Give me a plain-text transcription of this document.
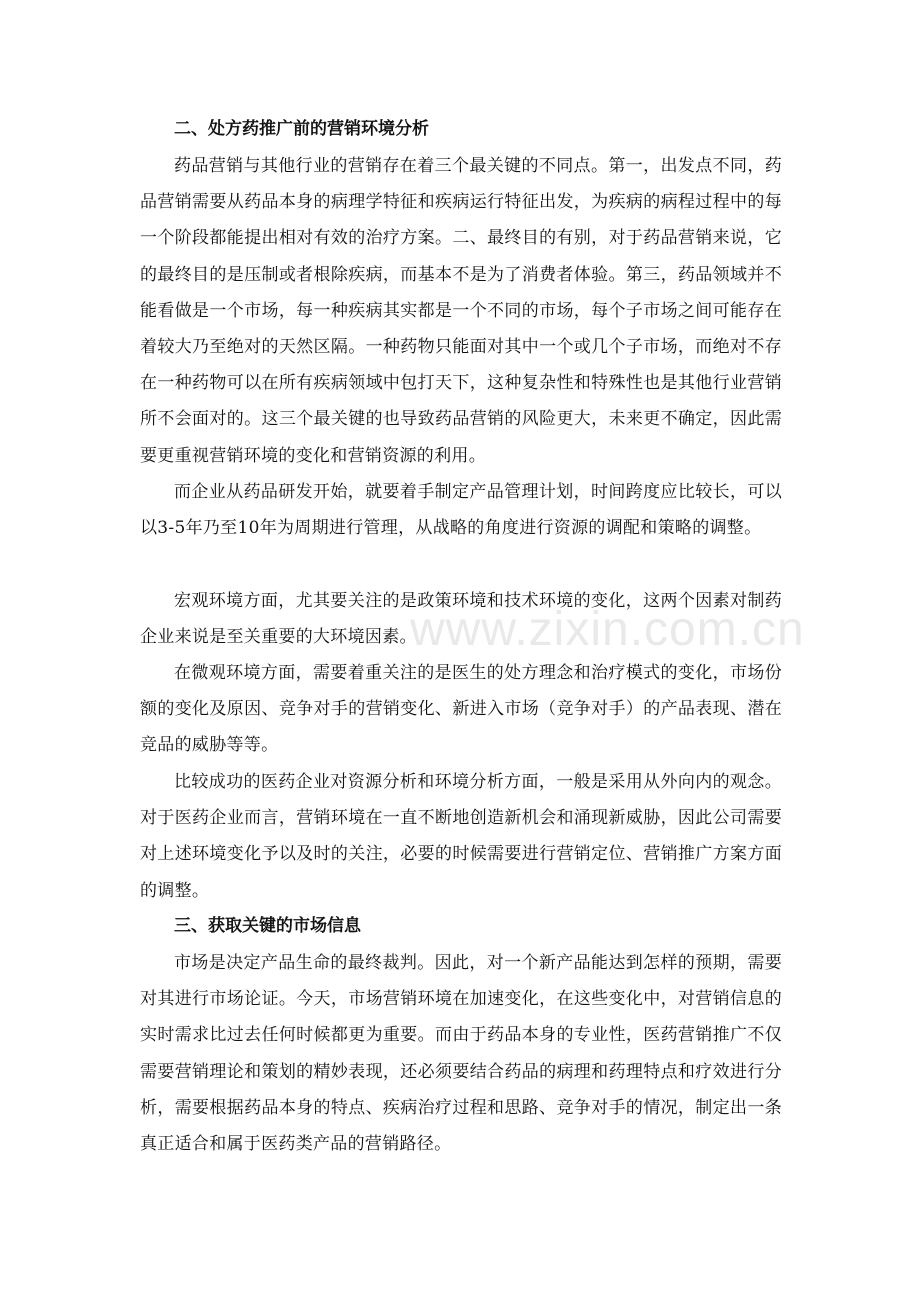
二、处方药推广前的营销环境分析

药品营销与其他行业的营销存在着三个最关键的不同点。第一，出发点不同，药品营销需要从药品本身的病理学特征和疾病运行特征出发，为疾病的病程过程中的每一个阶段都能提出相对有效的治疗方案。二、最终目的有别，对于药品营销来说，它的最终目的是压制或者根除疾病，而基本不是为了消费者体验。第三，药品领域并不能看做是一个市场，每一种疾病其实都是一个不同的市场，每个子市场之间可能存在着较大乃至绝对的天然区隔。一种药物只能面对其中一个或几个子市场，而绝对不存在一种药物可以在所有疾病领域中包打天下，这种复杂性和特殊性也是其他行业营销所不会面对的。这三个最关键的也导致药品营销的风险更大，未来更不确定，因此需要更重视营销环境的变化和营销资源的利用。

而企业从药品研发开始，就要着手制定产品管理计划，时间跨度应比较长，可以以3-5年乃至10年为周期进行管理，从战略的角度进行资源的调配和策略的调整。

宏观环境方面，尤其要关注的是政策环境和技术环境的变化，这两个因素对制药企业来说是至关重要的大环境因素。

在微观环境方面，需要着重关注的是医生的处方理念和治疗模式的变化，市场份额的变化及原因、竞争对手的营销变化、新进入市场（竞争对手）的产品表现、潜在竞品的威胁等等。

比较成功的医药企业对资源分析和环境分析方面，一般是采用从外向内的观念。对于医药企业而言，营销环境在一直不断地创造新机会和涌现新威胁，因此公司需要对上述环境变化予以及时的关注，必要的时候需要进行营销定位、营销推广方案方面的调整。

三、获取关键的市场信息

市场是决定产品生命的最终裁判。因此，对一个新产品能达到怎样的预期，需要对其进行市场论证。今天，市场营销环境在加速变化，在这些变化中，对营销信息的实时需求比过去任何时候都更为重要。而由于药品本身的专业性，医药营销推广不仅需要营销理论和策划的精妙表现，还必须要结合药品的病理和药理特点和疗效进行分析，需要根据药品本身的特点、疾病治疗过程和思路、竞争对手的情况，制定出一条真正适合和属于医药类产品的营销路径。

www.zixin.com.cn
